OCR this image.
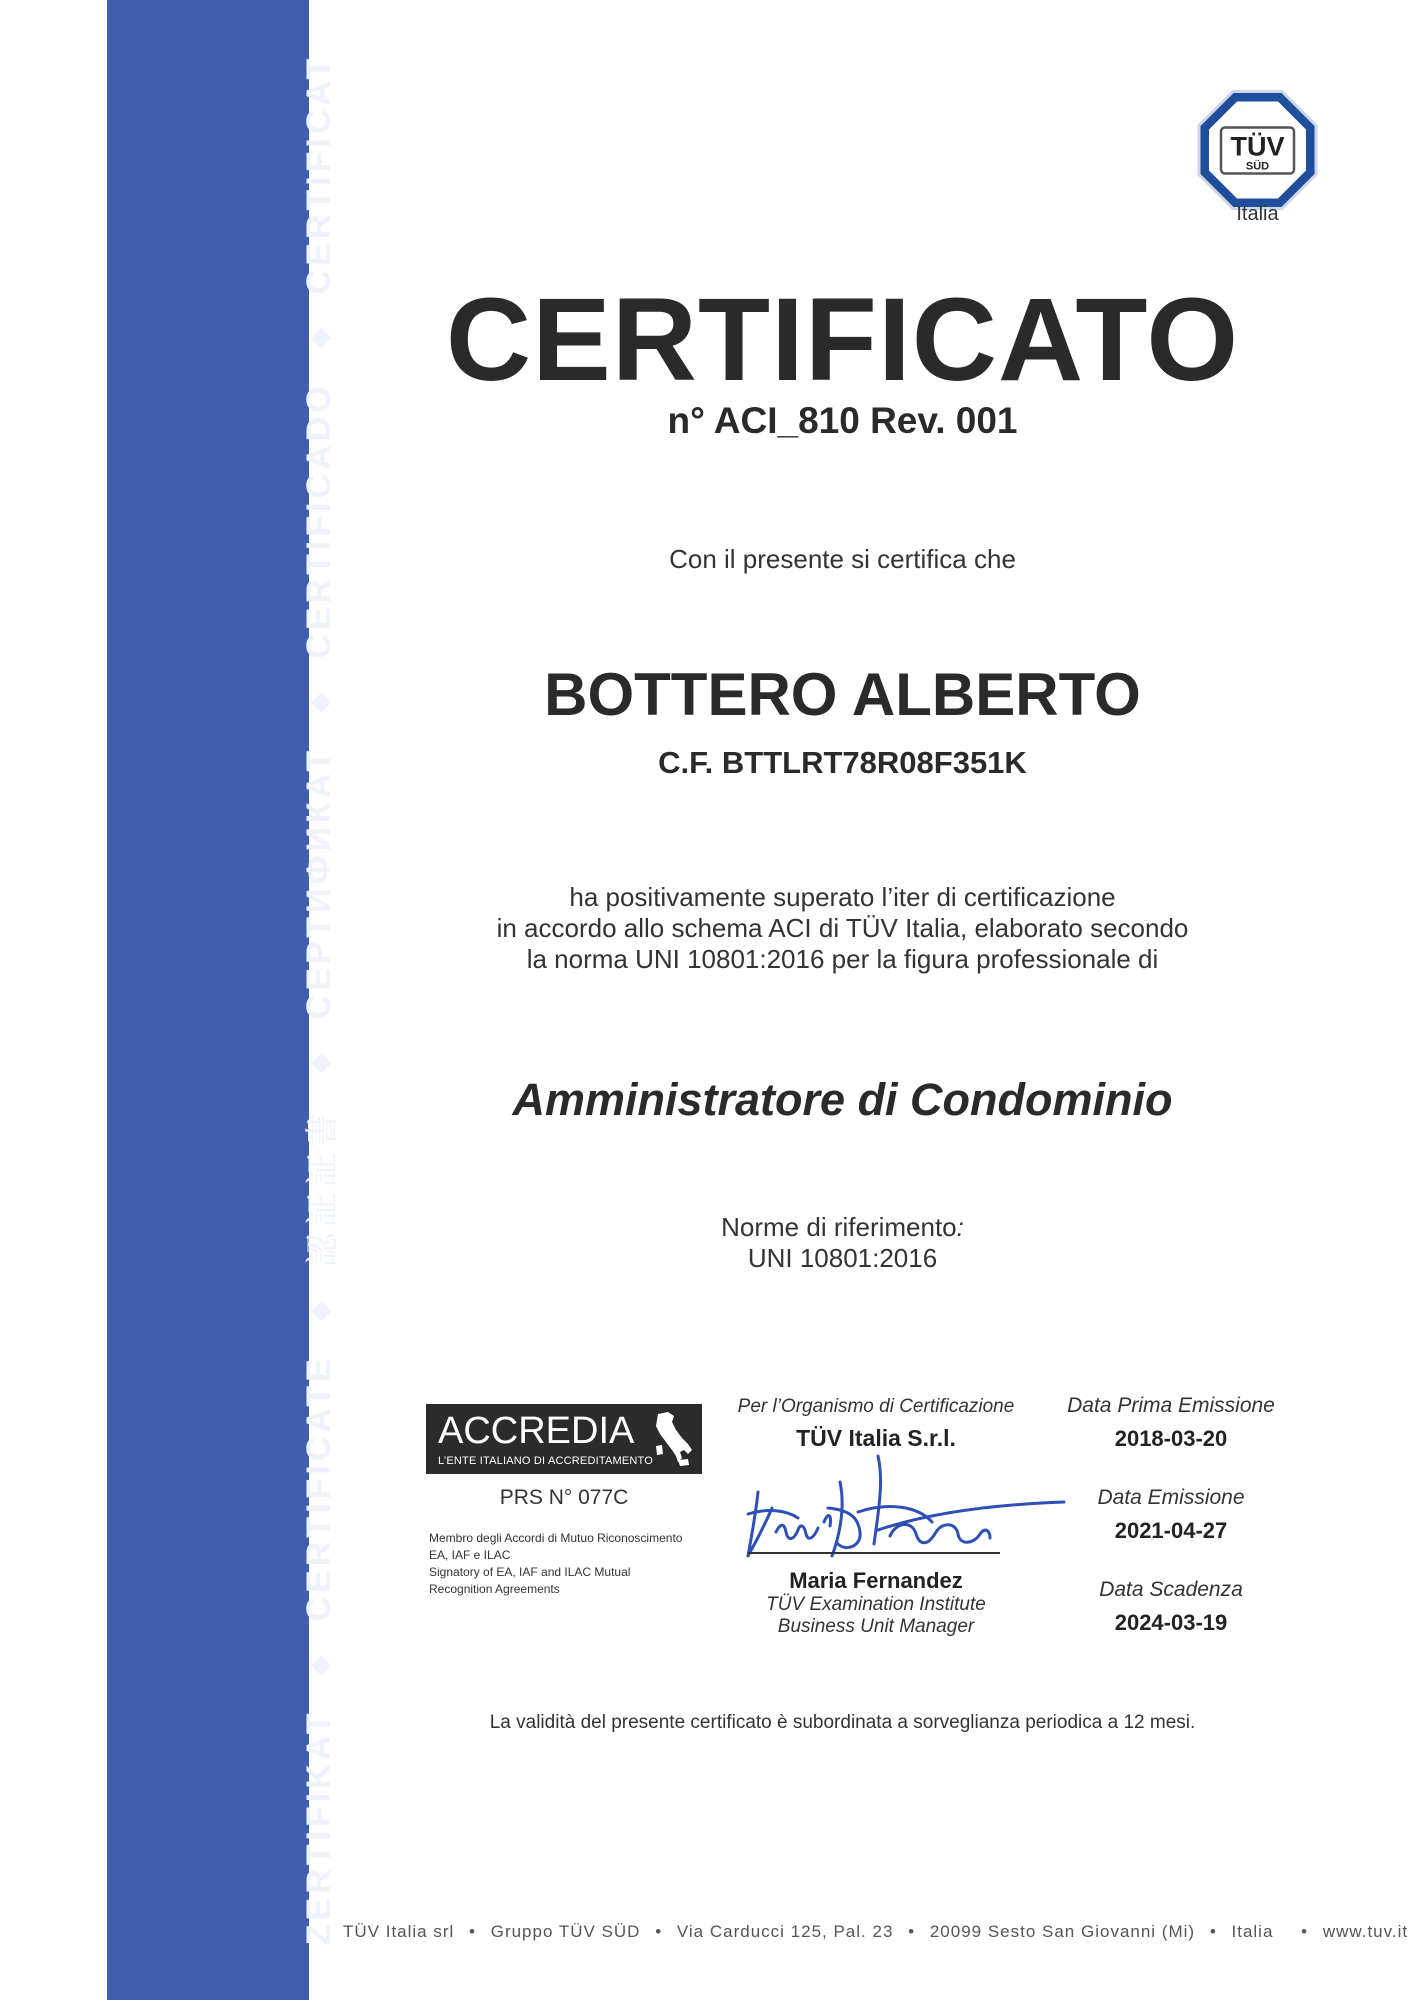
ZERTIFIKAT
◆
CERTIFICATE
◆
認証証書
◆
СЕРТИФИКАТ
◆
CERTIFICADO
◆
CERTIFICAT	TÜV
SÜD
Italia
CERTIFICATO
n° ACI_810 Rev. 001
Con il presente si certifica che
BOTTERO ALBERTO
C.F. BTTLRT78R08F351K
ha positivamente superato l’iter di certificazione
in accordo allo schema ACI di TÜV Italia, elaborato secondo
la norma UNI 10801:2016 per la figura professionale di
Amministratore di Condominio
Norme di riferimento:
UNI 10801:2016
ACCREDIA
L’ENTE ITALIANO DI ACCREDITAMENTO
PRS N° 077C
Membro degli Accordi di Mutuo Riconoscimento
EA, IAF e ILAC
Signatory of EA, IAF and ILAC Mutual
Recognition Agreements
Per l’Organismo di Certificazione
TÜV Italia S.r.l.
Maria Fernandez
TÜV Examination Institute
Business Unit Manager
Data Prima Emissione
2018-03-20
Data Emissione
2021-04-27
Data Scadenza
2024-03-19
La validità del presente certificato è subordinata a sorveglianza periodica a 12 mesi.
TÜV Italia srl • Gruppo TÜV SÜD • Via Carducci 125, Pal. 23 • 20099 Sesto San Giovanni (Mi) • Italia • www.tuv.it
